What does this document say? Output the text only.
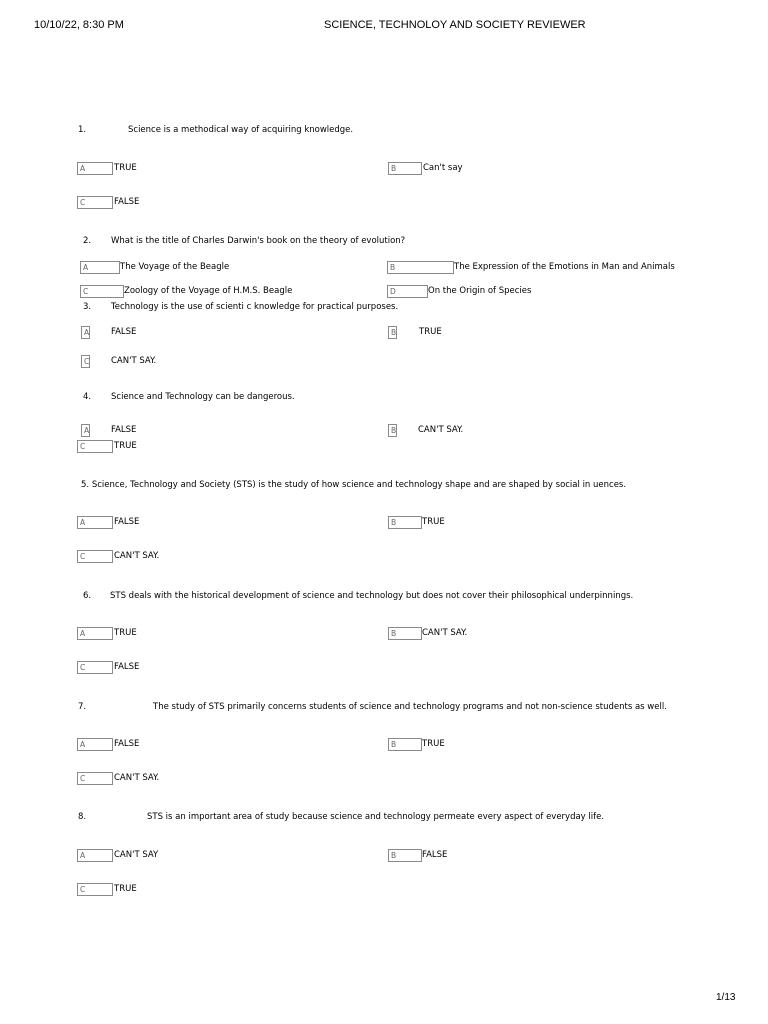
10/10/22, 8:30 PM	SCIENCE, TECHNOLOY AND SOCIETY REVIEWER
1.	Science is a methodical way of acquiring knowledge.
A	TRUE	B	Can't say
C	FALSE
2. What is the title of Charles Darwin's book on the theory of evolution?
A	The Voyage of the Beagle	B	The Expression of the Emotions in Man and Animals
C	Zoology of the Voyage of H.M.S. Beagle	D	On the Origin of Species
3. Technology is the use of scienti c knowledge for practical purposes.
A	FALSE	B	TRUE
C	CAN'T SAY.
4. Science and Technology can be dangerous.
A	FALSE	B	CAN'T SAY.
C	TRUE
5. Science, Technology and Society (STS) is the study of how science and technology shape and are shaped by social in uences.
A	FALSE	B	TRUE
C	CAN'T SAY.
6. STS deals with the historical development of science and technology but does not cover their philosophical underpinnings.
A	TRUE	B	CAN'T SAY.
C	FALSE
7.	The study of STS primarily concerns students of science and technology programs and not non-science students as well.
A	FALSE	B	TRUE
C	CAN'T SAY.
8.	STS is an important area of study because science and technology permeate every aspect of everyday life.
A	CAN'T SAY	B	FALSE
C	TRUE
1/13
